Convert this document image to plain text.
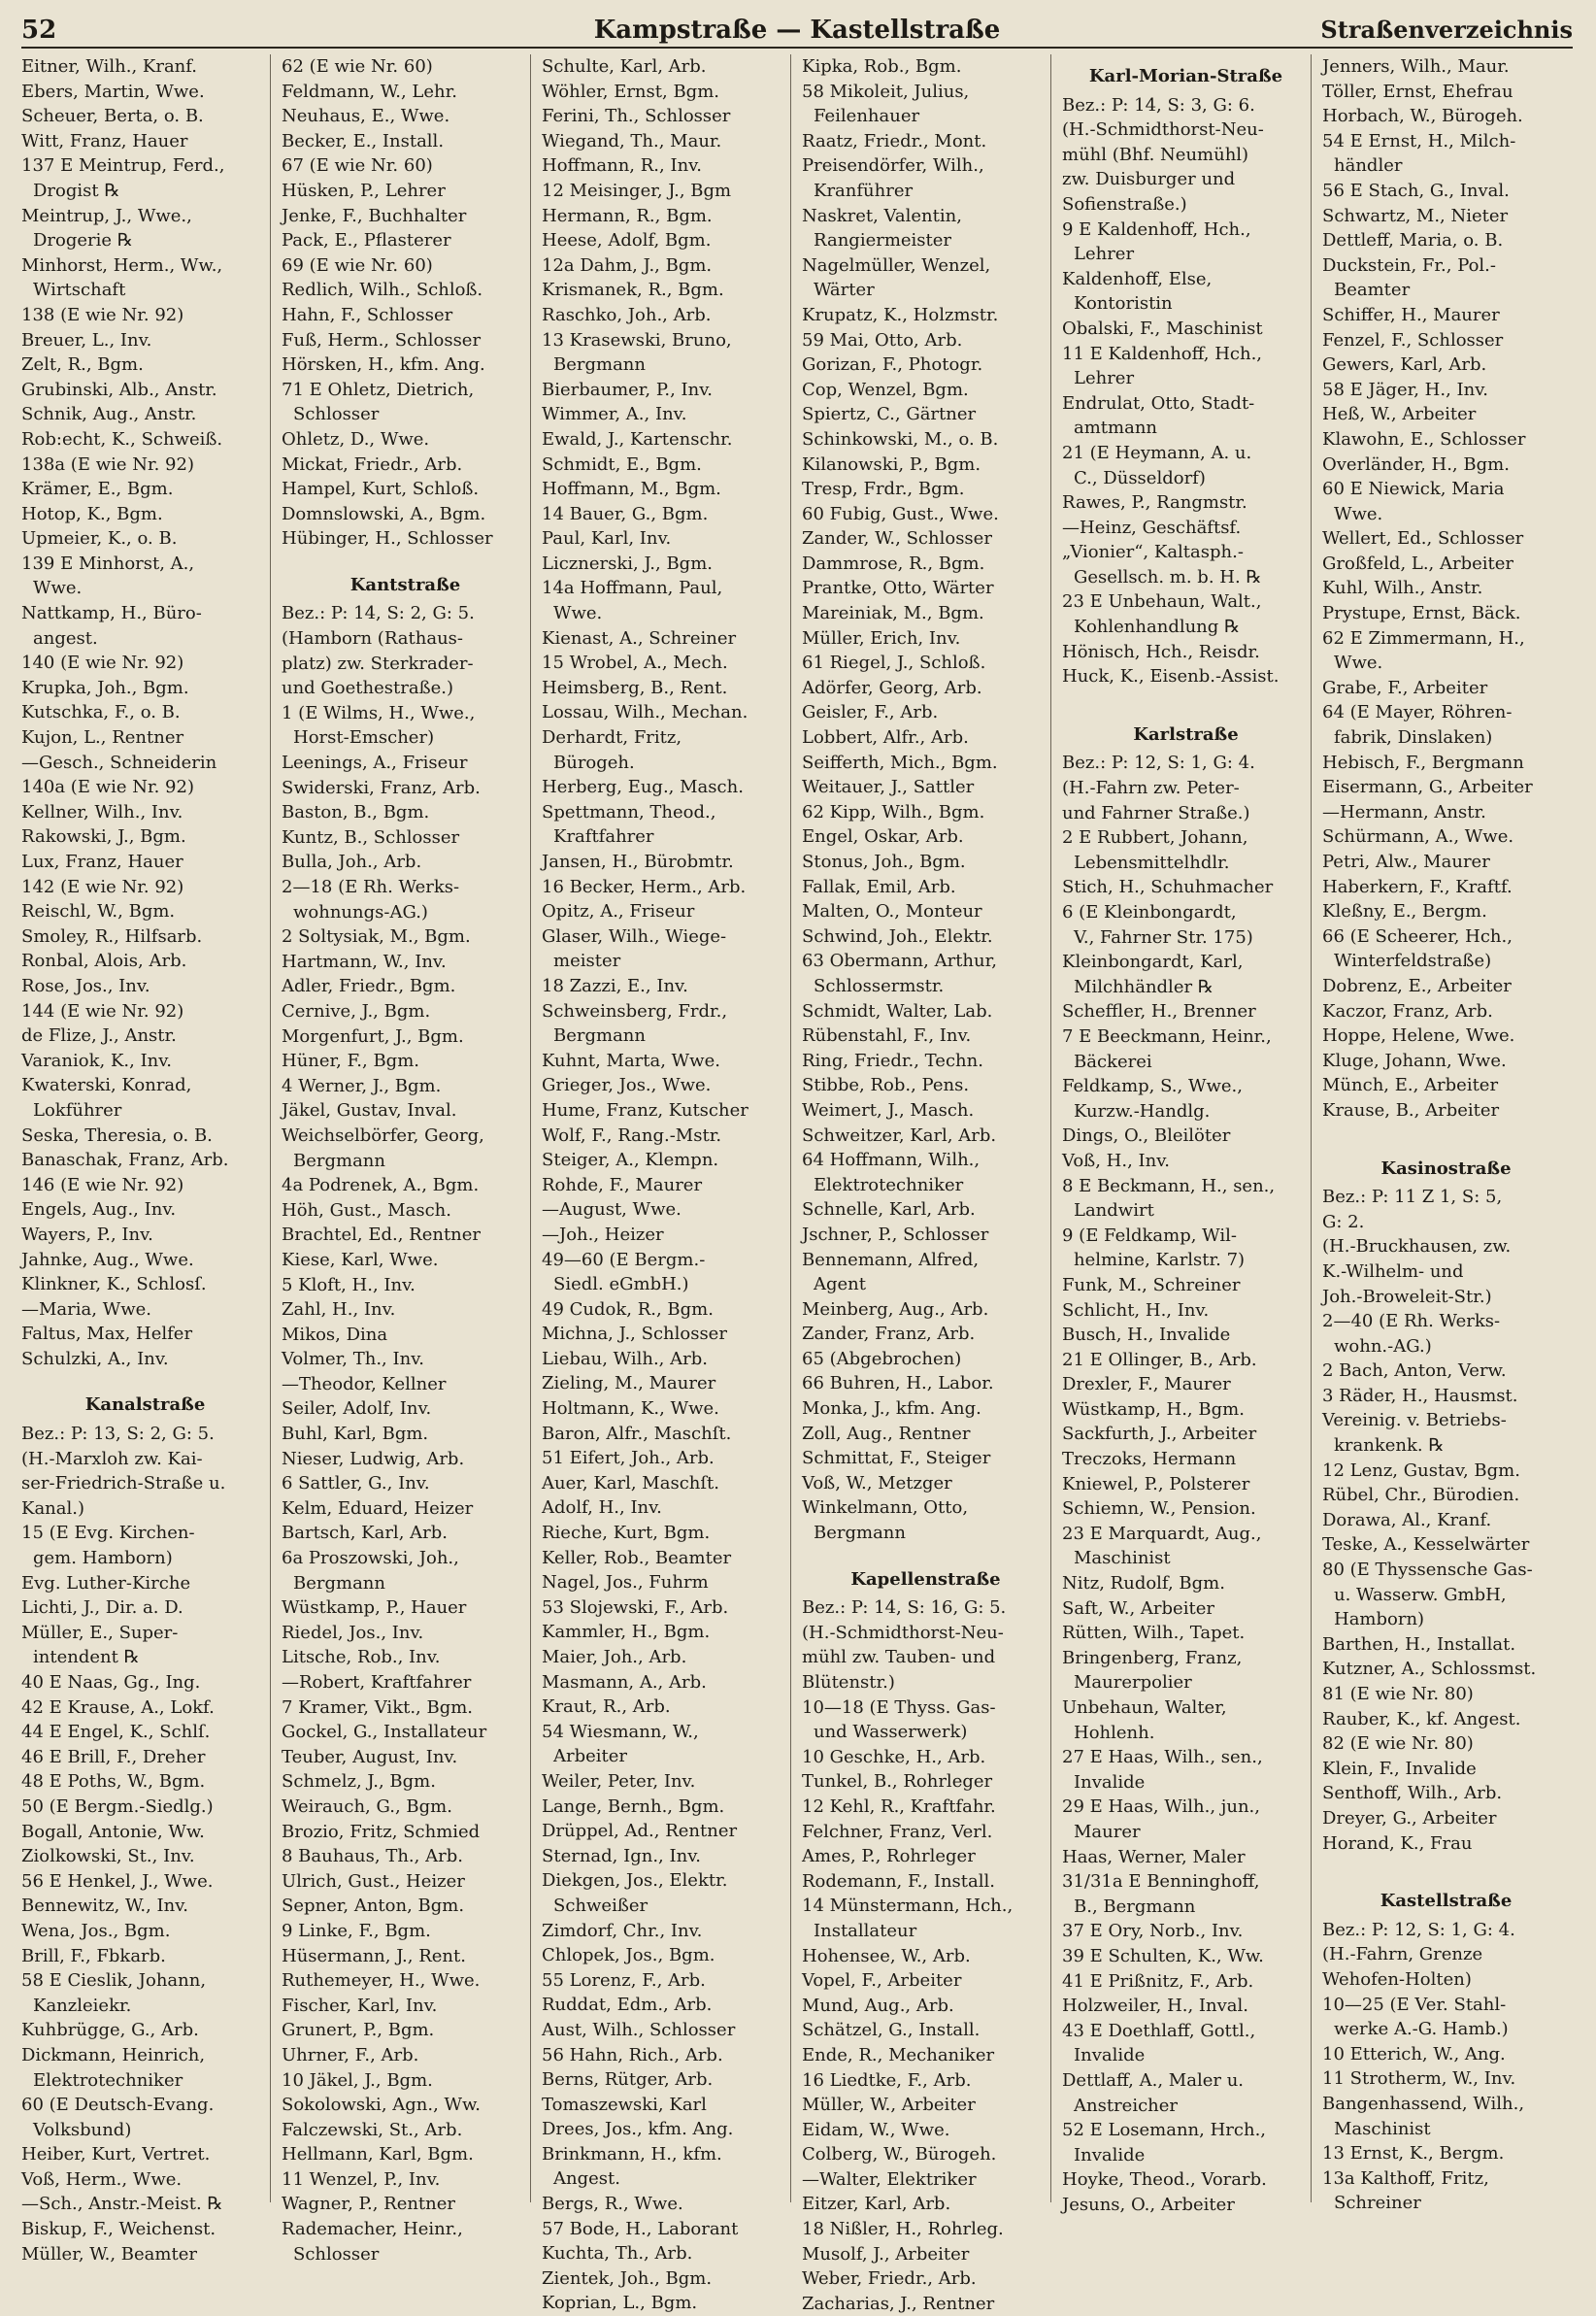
52	Kampstraße — Kastellstraße	Straßenverzeichnis
Eitner, Wilh., Kranf.
Ebers, Martin, Wwe.
Scheuer, Berta, o. B.
Witt, Franz, Hauer
137 E Meintrup, Ferd.,
Drogist ℞
Meintrup, J., Wwe.,
Drogerie ℞
Minhorst, Herm., Ww.,
Wirtschaft
138 (E wie Nr. 92)
Breuer, L., Inv.
Zelt, R., Bgm.
Grubinski, Alb., Anstr.
Schnik, Aug., Anstr.
Rob:echt, K., Schweiß.
138a (E wie Nr. 92)
Krämer, E., Bgm.
Hotop, K., Bgm.
Upmeier, K., o. B.
139 E Minhorst, A.,
Wwe.
Nattkamp, H., Büro-
angest.
140 (E wie Nr. 92)
Krupka, Joh., Bgm.
Kutschka, F., o. B.
Kujon, L., Rentner
—Gesch., Schneiderin
140a (E wie Nr. 92)
Kellner, Wilh., Inv.
Rakowski, J., Bgm.
Lux, Franz, Hauer
142 (E wie Nr. 92)
Reischl, W., Bgm.
Smoley, R., Hilfsarb.
Ronbal, Alois, Arb.
Rose, Jos., Inv.
144 (E wie Nr. 92)
de Flize, J., Anstr.
Varaniok, K., Inv.
Kwaterski, Konrad,
Lokführer
Seska, Theresia, o. B.
Banaschak, Franz, Arb.
146 (E wie Nr. 92)
Engels, Aug., Inv.
Wayers, P., Inv.
Jahnke, Aug., Wwe.
Klinkner, K., Schlosſ.
—Maria, Wwe.
Faltus, Max, Helfer
Schulzki, A., Inv.
Kanalstraße
Bez.: P: 13, S: 2, G: 5.
(H.-Marxloh zw. Kai-
ser-Friedrich-Straße u.
Kanal.)
15 (E Evg. Kirchen-
gem. Hamborn)
Evg. Luther-Kirche
Lichti, J., Dir. a. D.
Müller, E., Super-
intendent ℞
40 E Naas, Gg., Ing.
42 E Krause, A., Lokf.
44 E Engel, K., Schlſ.
46 E Brill, F., Dreher
48 E Poths, W., Bgm.
50 (E Bergm.-Siedlg.)
Bogall, Antonie, Ww.
Ziolkowski, St., Inv.
56 E Henkel, J., Wwe.
Bennewitz, W., Inv.
Wena, Jos., Bgm.
Brill, F., Fbkarb.
58 E Cieslik, Johann,
Kanzleiekr.
Kuhbrügge, G., Arb.
Dickmann, Heinrich,
Elektrotechniker
60 (E Deutsch-Evang.
Volksbund)
Heiber, Kurt, Vertret.
Voß, Herm., Wwe.
—Sch., Anstr.-Meist. ℞
Biskup, F., Weichenst.
Müller, W., Beamter
62 (E wie Nr. 60)
Feldmann, W., Lehr.
Neuhaus, E., Wwe.
Becker, E., Install.
67 (E wie Nr. 60)
Hüsken, P., Lehrer
Jenke, F., Buchhalter
Pack, E., Pflasterer
69 (E wie Nr. 60)
Redlich, Wilh., Schloß.
Hahn, F., Schlosser
Fuß, Herm., Schlosser
Hörsken, H., kfm. Ang.
71 E Ohletz, Dietrich,
Schlosser
Ohletz, D., Wwe.
Mickat, Friedr., Arb.
Hampel, Kurt, Schloß.
Domnslowski, A., Bgm.
Hübinger, H., Schlosser
Kantstraße
Bez.: P: 14, S: 2, G: 5.
(Hamborn (Rathaus-
platz) zw. Sterkrader-
und Goethestraße.)
1 (E Wilms, H., Wwe.,
Horst-Emscher)
Leenings, A., Friseur
Swiderski, Franz, Arb.
Baston, B., Bgm.
Kuntz, B., Schlosser
Bulla, Joh., Arb.
2—18 (E Rh. Werks-
wohnungs-AG.)
2 Soltysiak, M., Bgm.
Hartmann, W., Inv.
Adler, Friedr., Bgm.
Cernive, J., Bgm.
Morgenfurt, J., Bgm.
Hüner, F., Bgm.
4 Werner, J., Bgm.
Jäkel, Gustav, Inval.
Weichselbörfer, Georg,
Bergmann
4a Podrenek, A., Bgm.
Höh, Gust., Masch.
Brachtel, Ed., Rentner
Kiese, Karl, Wwe.
5 Kloft, H., Inv.
Zahl, H., Inv.
Mikos, Dina
Volmer, Th., Inv.
—Theodor, Kellner
Seiler, Adolf, Inv.
Buhl, Karl, Bgm.
Nieser, Ludwig, Arb.
6 Sattler, G., Inv.
Kelm, Eduard, Heizer
Bartsch, Karl, Arb.
6a Proszowski, Joh.,
Bergmann
Wüstkamp, P., Hauer
Riedel, Jos., Inv.
Litsche, Rob., Inv.
—Robert, Kraftfahrer
7 Kramer, Vikt., Bgm.
Gockel, G., Installateur
Teuber, August, Inv.
Schmelz, J., Bgm.
Weirauch, G., Bgm.
Brozio, Fritz, Schmied
8 Bauhaus, Th., Arb.
Ulrich, Gust., Heizer
Sepner, Anton, Bgm.
9 Linke, F., Bgm.
Hüsermann, J., Rent.
Ruthemeyer, H., Wwe.
Fischer, Karl, Inv.
Grunert, P., Bgm.
Uhrner, F., Arb.
10 Jäkel, J., Bgm.
Sokolowski, Agn., Ww.
Falczewski, St., Arb.
Hellmann, Karl, Bgm.
11 Wenzel, P., Inv.
Wagner, P., Rentner
Rademacher, Heinr.,
Schlosser
Schulte, Karl, Arb.
Wöhler, Ernst, Bgm.
Ferini, Th., Schlosser
Wiegand, Th., Maur.
Hoffmann, R., Inv.
12 Meisinger, J., Bgm
Hermann, R., Bgm.
Heese, Adolf, Bgm.
12a Dahm, J., Bgm.
Krismanek, R., Bgm.
Raschko, Joh., Arb.
13 Krasewski, Bruno,
Bergmann
Bierbaumer, P., Inv.
Wimmer, A., Inv.
Ewald, J., Kartenschr.
Schmidt, E., Bgm.
Hoffmann, M., Bgm.
14 Bauer, G., Bgm.
Paul, Karl, Inv.
Licznerski, J., Bgm.
14a Hoffmann, Paul,
Wwe.
Kienast, A., Schreiner
15 Wrobel, A., Mech.
Heimsberg, B., Rent.
Lossau, Wilh., Mechan.
Derhardt, Fritz,
Bürogeh.
Herberg, Eug., Masch.
Spettmann, Theod.,
Kraftfahrer
Jansen, H., Bürobmtr.
16 Becker, Herm., Arb.
Opitz, A., Friseur
Glaser, Wilh., Wiege-
meister
18 Zazzi, E., Inv.
Schweinsberg, Frdr.,
Bergmann
Kuhnt, Marta, Wwe.
Grieger, Jos., Wwe.
Hume, Franz, Kutscher
Wolf, F., Rang.-Mstr.
Steiger, A., Klempn.
Rohde, F., Maurer
—August, Wwe.
—Joh., Heizer
49—60 (E Bergm.-
Siedl. eGmbH.)
49 Cudok, R., Bgm.
Michna, J., Schlosser
Liebau, Wilh., Arb.
Zieling, M., Maurer
Holtmann, K., Wwe.
Baron, Alfr., Maschſt.
51 Eifert, Joh., Arb.
Auer, Karl, Maschſt.
Adolf, H., Inv.
Rieche, Kurt, Bgm.
Keller, Rob., Beamter
Nagel, Jos., Fuhrm
53 Slojewski, F., Arb.
Kammler, H., Bgm.
Maier, Joh., Arb.
Masmann, A., Arb.
Kraut, R., Arb.
54 Wiesmann, W.,
Arbeiter
Weiler, Peter, Inv.
Lange, Bernh., Bgm.
Drüppel, Ad., Rentner
Sternad, Ign., Inv.
Diekgen, Jos., Elektr.
Schweißer
Zimdorf, Chr., Inv.
Chlopek, Jos., Bgm.
55 Lorenz, F., Arb.
Ruddat, Edm., Arb.
Aust, Wilh., Schlosser
56 Hahn, Rich., Arb.
Berns, Rütger, Arb.
Tomaszewski, Karl
Drees, Jos., kfm. Ang.
Brinkmann, H., kfm.
Angest.
Bergs, R., Wwe.
57 Bode, H., Laborant
Kuchta, Th., Arb.
Zientek, Joh., Bgm.
Koprian, L., Bgm.
Kipka, Rob., Bgm.
58 Mikoleit, Julius,
Feilenhauer
Raatz, Friedr., Mont.
Preisendörfer, Wilh.,
Kranführer
Naskret, Valentin,
Rangiermeister
Nagelmüller, Wenzel,
Wärter
Krupatz, K., Holzmstr.
59 Mai, Otto, Arb.
Gorizan, F., Photogr.
Cop, Wenzel, Bgm.
Spiertz, C., Gärtner
Schinkowski, M., o. B.
Kilanowski, P., Bgm.
Tresp, Frdr., Bgm.
60 Fubig, Gust., Wwe.
Zander, W., Schlosser
Dammrose, R., Bgm.
Prantke, Otto, Wärter
Mareiniak, M., Bgm.
Müller, Erich, Inv.
61 Riegel, J., Schloß.
Adörfer, Georg, Arb.
Geisler, F., Arb.
Lobbert, Alfr., Arb.
Seifferth, Mich., Bgm.
Weitauer, J., Sattler
62 Kipp, Wilh., Bgm.
Engel, Oskar, Arb.
Stonus, Joh., Bgm.
Fallak, Emil, Arb.
Malten, O., Monteur
Schwind, Joh., Elektr.
63 Obermann, Arthur,
Schlossermstr.
Schmidt, Walter, Lab.
Rübenstahl, F., Inv.
Ring, Friedr., Techn.
Stibbe, Rob., Pens.
Weimert, J., Masch.
Schweitzer, Karl, Arb.
64 Hoffmann, Wilh.,
Elektrotechniker
Schnelle, Karl, Arb.
Jschner, P., Schlosser
Bennemann, Alfred,
Agent
Meinberg, Aug., Arb.
Zander, Franz, Arb.
65 (Abgebrochen)
66 Buhren, H., Labor.
Monka, J., kfm. Ang.
Zoll, Aug., Rentner
Schmittat, F., Steiger
Voß, W., Metzger
Winkelmann, Otto,
Bergmann
Kapellenstraße
Bez.: P: 14, S: 16, G: 5.
(H.-Schmidthorst-Neu-
mühl zw. Tauben- und
Blütenstr.)
10—18 (E Thyss. Gas-
und Wasserwerk)
10 Geschke, H., Arb.
Tunkel, B., Rohrleger
12 Kehl, R., Kraftfahr.
Felchner, Franz, Verl.
Ames, P., Rohrleger
Rodemann, F., Install.
14 Münstermann, Hch.,
Installateur
Hohensee, W., Arb.
Vopel, F., Arbeiter
Mund, Aug., Arb.
Schätzel, G., Install.
Ende, R., Mechaniker
16 Liedtke, F., Arb.
Müller, W., Arbeiter
Eidam, W., Wwe.
Colberg, W., Bürogeh.
—Walter, Elektriker
Eitzer, Karl, Arb.
18 Nißler, H., Rohrleg.
Musolf, J., Arbeiter
Weber, Friedr., Arb.
Zacharias, J., Rentner
Karl-Morian-Straße
Bez.: P: 14, S: 3, G: 6.
(H.-Schmidthorst-Neu-
mühl (Bhf. Neumühl)
zw. Duisburger und
Sofienstraße.)
9 E Kaldenhoff, Hch.,
Lehrer
Kaldenhoff, Else,
Kontoristin
Obalski, F., Maschinist
11 E Kaldenhoff, Hch.,
Lehrer
Endrulat, Otto, Stadt-
amtmann
21 (E Heymann, A. u.
C., Düsseldorf)
Rawes, P., Rangmstr.
—Heinz, Geschäftsf.
„Vionier“, Kaltasph.-
Gesellsch. m. b. H. ℞
23 E Unbehaun, Walt.,
Kohlenhandlung ℞
Hönisch, Hch., Reisdr.
Huck, K., Eisenb.-Assist.
Karlstraße
Bez.: P: 12, S: 1, G: 4.
(H.-Fahrn zw. Peter-
und Fahrner Straße.)
2 E Rubbert, Johann,
Lebensmittelhdlr.
Stich, H., Schuhmacher
6 (E Kleinbongardt,
V., Fahrner Str. 175)
Kleinbongardt, Karl,
Milchhändler ℞
Scheffler, H., Brenner
7 E Beeckmann, Heinr.,
Bäckerei
Feldkamp, S., Wwe.,
Kurzw.-Handlg.
Dings, O., Bleilöter
Voß, H., Inv.
8 E Beckmann, H., sen.,
Landwirt
9 (E Feldkamp, Wil-
helmine, Karlstr. 7)
Funk, M., Schreiner
Schlicht, H., Inv.
Busch, H., Invalide
21 E Ollinger, B., Arb.
Drexler, F., Maurer
Wüstkamp, H., Bgm.
Sackfurth, J., Arbeiter
Treczoks, Hermann
Kniewel, P., Polsterer
Schiemn, W., Pension.
23 E Marquardt, Aug.,
Maschinist
Nitz, Rudolf, Bgm.
Saft, W., Arbeiter
Rütten, Wilh., Tapet.
Bringenberg, Franz,
Maurerpolier
Unbehaun, Walter,
Hohlenh.
27 E Haas, Wilh., sen.,
Invalide
29 E Haas, Wilh., jun.,
Maurer
Haas, Werner, Maler
31/31a E Benninghoff,
B., Bergmann
37 E Ory, Norb., Inv.
39 E Schulten, K., Ww.
41 E Prißnitz, F., Arb.
Holzweiler, H., Inval.
43 E Doethlaff, Gottl.,
Invalide
Dettlaff, A., Maler u.
Anstreicher
52 E Losemann, Hrch.,
Invalide
Hoyke, Theod., Vorarb.
Jesuns, O., Arbeiter
Jenners, Wilh., Maur.
Töller, Ernst, Ehefrau
Horbach, W., Bürogeh.
54 E Ernst, H., Milch-
händler
56 E Stach, G., Inval.
Schwartz, M., Nieter
Dettleff, Maria, o. B.
Duckstein, Fr., Pol.-
Beamter
Schiffer, H., Maurer
Fenzel, F., Schlosser
Gewers, Karl, Arb.
58 E Jäger, H., Inv.
Heß, W., Arbeiter
Klawohn, E., Schlosser
Overländer, H., Bgm.
60 E Niewick, Maria
Wwe.
Wellert, Ed., Schlosser
Großfeld, L., Arbeiter
Kuhl, Wilh., Anstr.
Prystupe, Ernst, Bäck.
62 E Zimmermann, H.,
Wwe.
Grabe, F., Arbeiter
64 (E Mayer, Röhren-
fabrik, Dinslaken)
Hebisch, F., Bergmann
Eisermann, G., Arbeiter
—Hermann, Anstr.
Schürmann, A., Wwe.
Petri, Alw., Maurer
Haberkern, F., Kraftf.
Kleßny, E., Bergm.
66 (E Scheerer, Hch.,
Winterfeldstraße)
Dobrenz, E., Arbeiter
Kaczor, Franz, Arb.
Hoppe, Helene, Wwe.
Kluge, Johann, Wwe.
Münch, E., Arbeiter
Krause, B., Arbeiter
Kasinostraße
Bez.: P: 11 Z 1, S: 5,
G: 2.
(H.-Bruckhausen, zw.
K.-Wilhelm- und
Joh.-Broweleit-Str.)
2—40 (E Rh. Werks-
wohn.-AG.)
2 Bach, Anton, Verw.
3 Räder, H., Hausmst.
Vereinig. v. Betriebs-
krankenk. ℞
12 Lenz, Gustav, Bgm.
Rübel, Chr., Bürodien.
Dorawa, Al., Kranf.
Teske, A., Kesselwärter
80 (E Thyssensche Gas-
u. Wasserw. GmbH,
Hamborn)
Barthen, H., Installat.
Kutzner, A., Schlossmst.
81 (E wie Nr. 80)
Rauber, K., kf. Angest.
82 (E wie Nr. 80)
Klein, F., Invalide
Senthoff, Wilh., Arb.
Dreyer, G., Arbeiter
Horand, K., Frau
Kastellstraße
Bez.: P: 12, S: 1, G: 4.
(H.-Fahrn, Grenze
Wehofen-Holten)
10—25 (E Ver. Stahl-
werke A.-G. Hamb.)
10 Etterich, W., Ang.
11 Strotherm, W., Inv.
Bangenhassend, Wilh.,
Maschinist
13 Ernst, K., Bergm.
13a Kalthoff, Fritz,
Schreiner
